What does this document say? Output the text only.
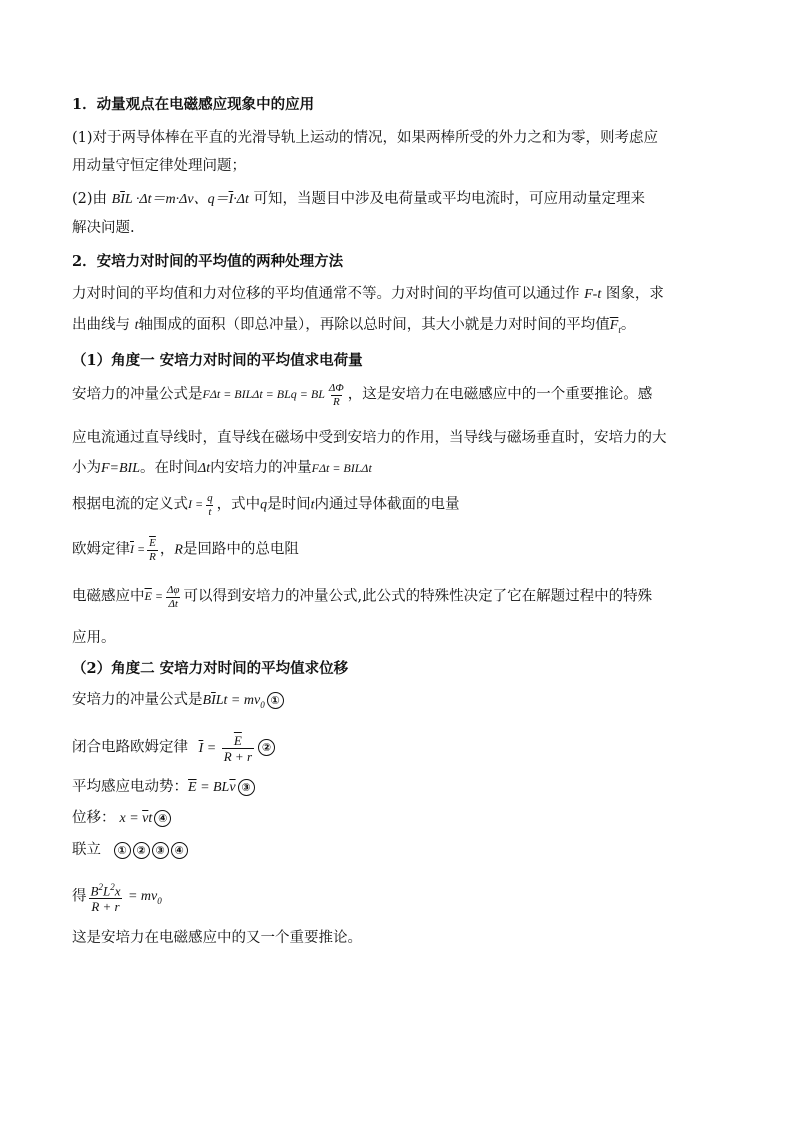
1．动量观点在电磁感应现象中的应用
(1)对于两导体棒在平直的光滑导轨上运动的情况，如果两棒所受的外力之和为零，则考虑应
用动量守恒定律处理问题；
(2)由 $B\overline{I}L \cdot\Delta t=m\cdot\Delta v$、$q=\overline{I}\cdot\Delta t$ 可知，当题目中涉及电荷量或平均电流时，可应用动量定理来
解决问题.
2．安培力对时间的平均值的两种处理方法
力对时间的平均值和力对位移的平均值通常不等。力对时间的平均值可以通过作 F-t 图象，求
出曲线与 t轴围成的面积（即总冲量），再除以总时间，其大小就是力对时间的平均值$\overline{F}_t$。
（1）角度一 安培力对时间的平均值求电荷量
安培力的冲量公式是FΔt = BILΔt = BLq = BL $\frac{\Delta\Phi}{R}$ ，这是安培力在电磁感应中的一个重要推论。感
应电流通过直导线时，直导线在磁场中受到安培力的作用，当导线与磁场垂直时，安培力的大
小为F=BIL。在时间Δt内安培力的冲量FΔt = BILΔt
根据电流的定义式$I = \frac{q}{t}$ ，式中q是时间t内通过导体截面的电量
欧姆定律$\overline{I} = \frac{\overline{E}}{R}$ ，R是回路中的总电阻
电磁感应中$\overline{E} = \frac{\Delta\varphi}{\Delta t}$ 可以得到安培力的冲量公式,此公式的特殊性决定了它在解题过程中的特殊
应用。
（2）角度二 安培力对时间的平均值求位移
安培力的冲量公式是$B\overline{I}Lt = mv_0$ ①
闭合电路欧姆定律 $\overline{I} = \frac{\overline{E}}{R + r}$ ②
平均感应电动势：$\overline{E} = BL\overline{v}$ ③
位移： $x = \overline{v}t$ ④
联立 ① ② ③ ④
得 $\frac{B^2L^2x}{R + r} = mv_0$
这是安培力在电磁感应中的又一个重要推论。
